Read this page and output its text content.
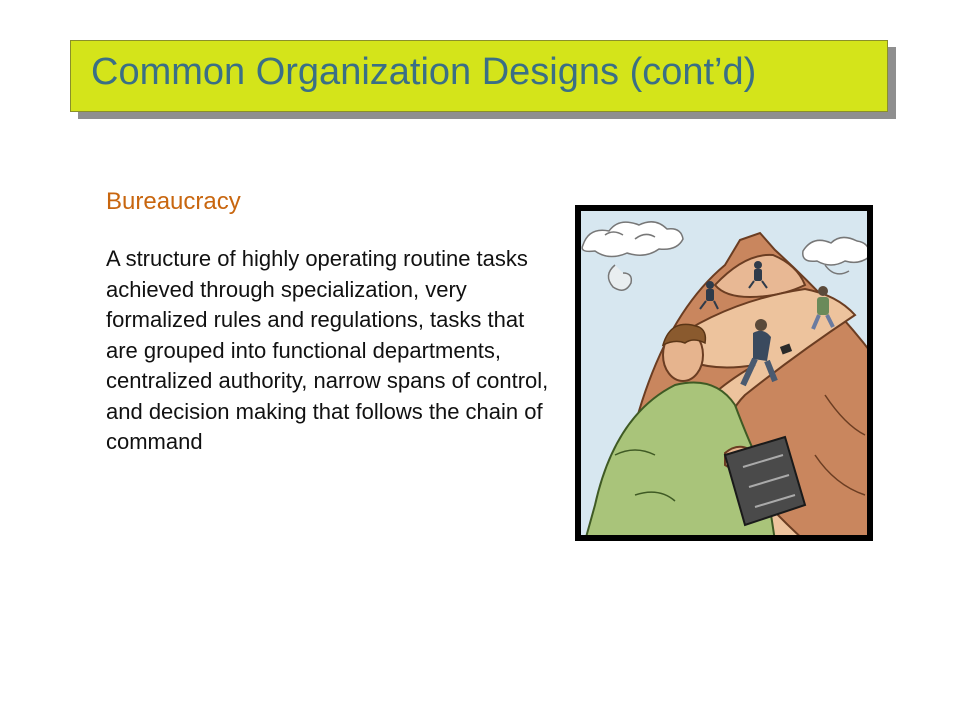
Common Organization Designs (cont’d)
Bureaucracy
A structure of highly operating routine tasks achieved through specialization, very formalized rules and regulations, tasks that are grouped into functional departments, centralized authority, narrow spans of control, and decision making that follows the chain of command
